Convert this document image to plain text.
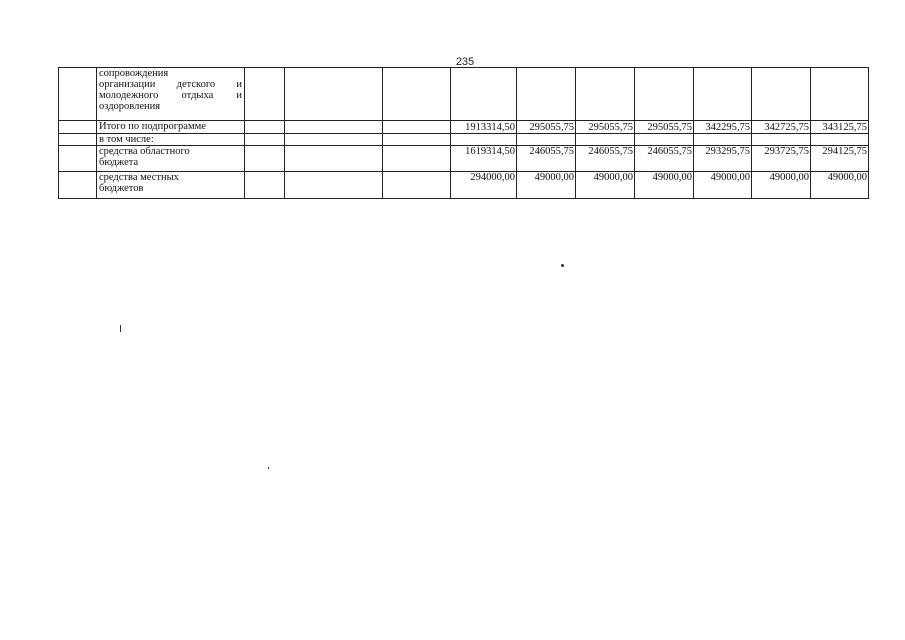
235

	сопровождения
организации детского и
молодежного отдыха и
оздоровления										

	Итого по подпрограмме				1913314,50	295055,75	295055,75	295055,75	342295,75	342725,75	343125,75

	в том числе:										

	средства областного
бюджета				1619314,50	246055,75	246055,75	246055,75	293295,75	293725,75	294125,75

	средства местных
бюджетов				294000,00	49000,00	49000,00	49000,00	49000,00	49000,00	49000,00
